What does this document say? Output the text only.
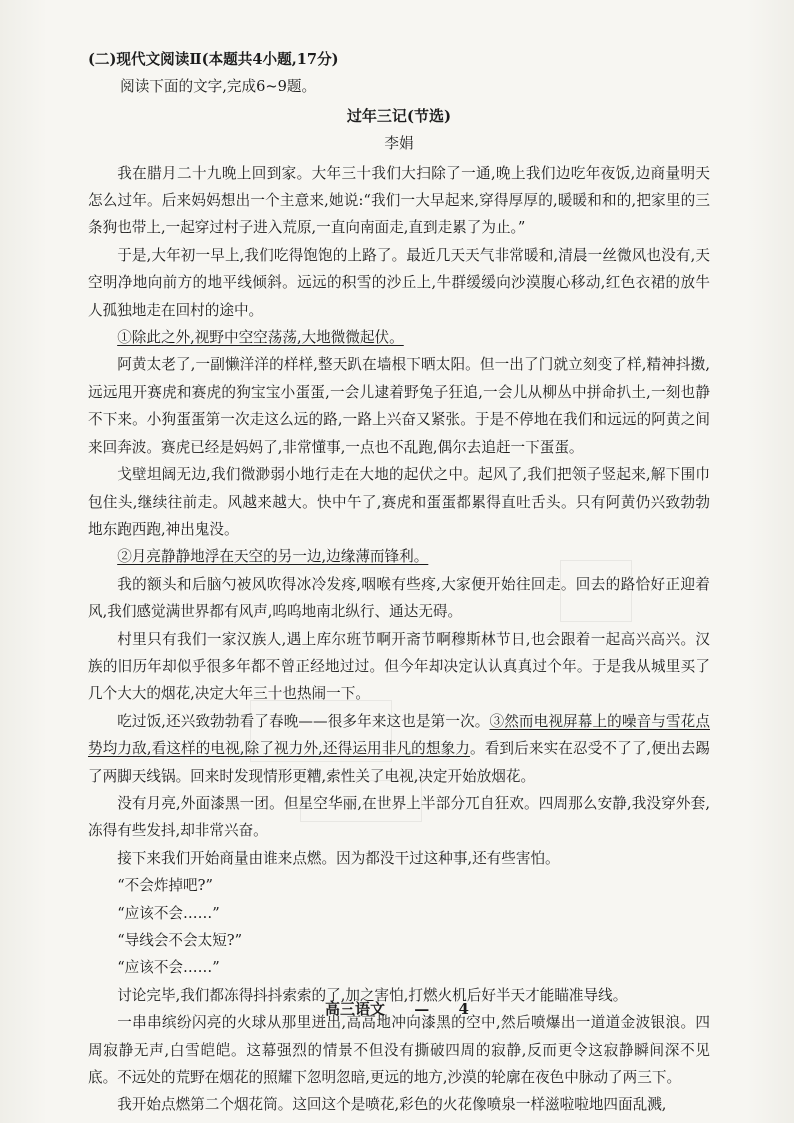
(二)现代文阅读Ⅱ(本题共4小题,17分)

阅读下面的文字,完成6~9题。

过年三记(节选)

李娟

我在腊月二十九晚上回到家。大年三十我们大扫除了一通,晚上我们边吃年夜饭,边商量明天怎么过年。后来妈妈想出一个主意来,她说:“我们一大早起来,穿得厚厚的,暖暖和和的,把家里的三条狗也带上,一起穿过村子进入荒原,一直向南面走,直到走累了为止。”

于是,大年初一早上,我们吃得饱饱的上路了。最近几天天气非常暖和,清晨一丝微风也没有,天空明净地向前方的地平线倾斜。远远的积雪的沙丘上,牛群缓缓向沙漠腹心移动,红色衣裙的放牛人孤独地走在回村的途中。

①除此之外,视野中空空荡荡,大地微微起伏。

阿黄太老了,一副懒洋洋的样样,整天趴在墙根下晒太阳。但一出了门就立刻变了样,精神抖擞,远远甩开赛虎和赛虎的狗宝宝小蛋蛋,一会儿逮着野兔子狂追,一会儿从柳丛中拼命扒土,一刻也静不下来。小狗蛋蛋第一次走这么远的路,一路上兴奋又紧张。于是不停地在我们和远远的阿黄之间来回奔波。赛虎已经是妈妈了,非常懂事,一点也不乱跑,偶尔去追赶一下蛋蛋。

戈壁坦阔无边,我们微渺弱小地行走在大地的起伏之中。起风了,我们把领子竖起来,解下围巾包住头,继续往前走。风越来越大。快中午了,赛虎和蛋蛋都累得直吐舌头。只有阿黄仍兴致勃勃地东跑西跑,神出鬼没。

②月亮静静地浮在天空的另一边,边缘薄而锋利。

我的额头和后脑勺被风吹得冰冷发疼,咽喉有些疼,大家便开始往回走。回去的路恰好正迎着风,我们感觉满世界都有风声,呜呜地南北纵行、通达无碍。

村里只有我们一家汉族人,遇上库尔班节啊开斋节啊穆斯林节日,也会跟着一起高兴高兴。汉族的旧历年却似乎很多年都不曾正经地过过。但今年却决定认认真真过个年。于是我从城里买了几个大大的烟花,决定大年三十也热闹一下。

吃过饭,还兴致勃勃看了春晚——很多年来这也是第一次。③然而电视屏幕上的噪音与雪花点势均力敌,看这样的电视,除了视力外,还得运用非凡的想象力。看到后来实在忍受不了了,便出去踢了两脚天线锅。回来时发现情形更糟,索性关了电视,决定开始放烟花。

没有月亮,外面漆黑一团。但星空华丽,在世界上半部分兀自狂欢。四周那么安静,我没穿外套,冻得有些发抖,却非常兴奋。

接下来我们开始商量由谁来点燃。因为都没干过这种事,还有些害怕。

“不会炸掉吧?”

“应该不会……”

“导线会不会太短?”

“应该不会……”

讨论完毕,我们都冻得抖抖索索的了,加之害怕,打燃火机后好半天才能瞄准导线。

一串串缤纷闪亮的火球从那里迸出,高高地冲向漆黑的空中,然后喷爆出一道道金波银浪。四周寂静无声,白雪皑皑。这幕强烈的情景不但没有撕破四周的寂静,反而更令这寂静瞬间深不见底。不远处的荒野在烟花的照耀下忽明忽暗,更远的地方,沙漠的轮廓在夜色中脉动了两三下。

我开始点燃第二个烟花筒。这回这个是喷花,彩色的火花像喷泉一样滋啦啦地四面乱溅,

高三语文 — 4
